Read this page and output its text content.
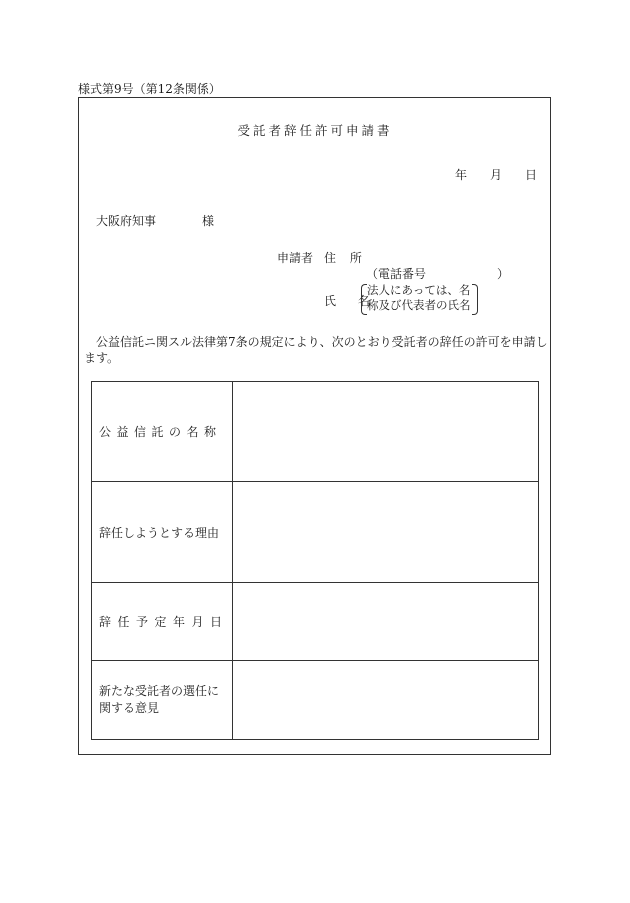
様式第9号（第12条関係）
受託者辞任許可申請書
年 月 日
大阪府知事	様
申請者 住 所
（電話番号	）
氏 名
法人にあっては、名
称及び代表者の氏名
公益信託ニ関スル法律第7条の規定により、次のとおり受託者の辞任の許可を申請します。
公益信託の名称	
辞任しようとする理由	
辞任予定年月日	
新たな受託者の選任に関する意見	
